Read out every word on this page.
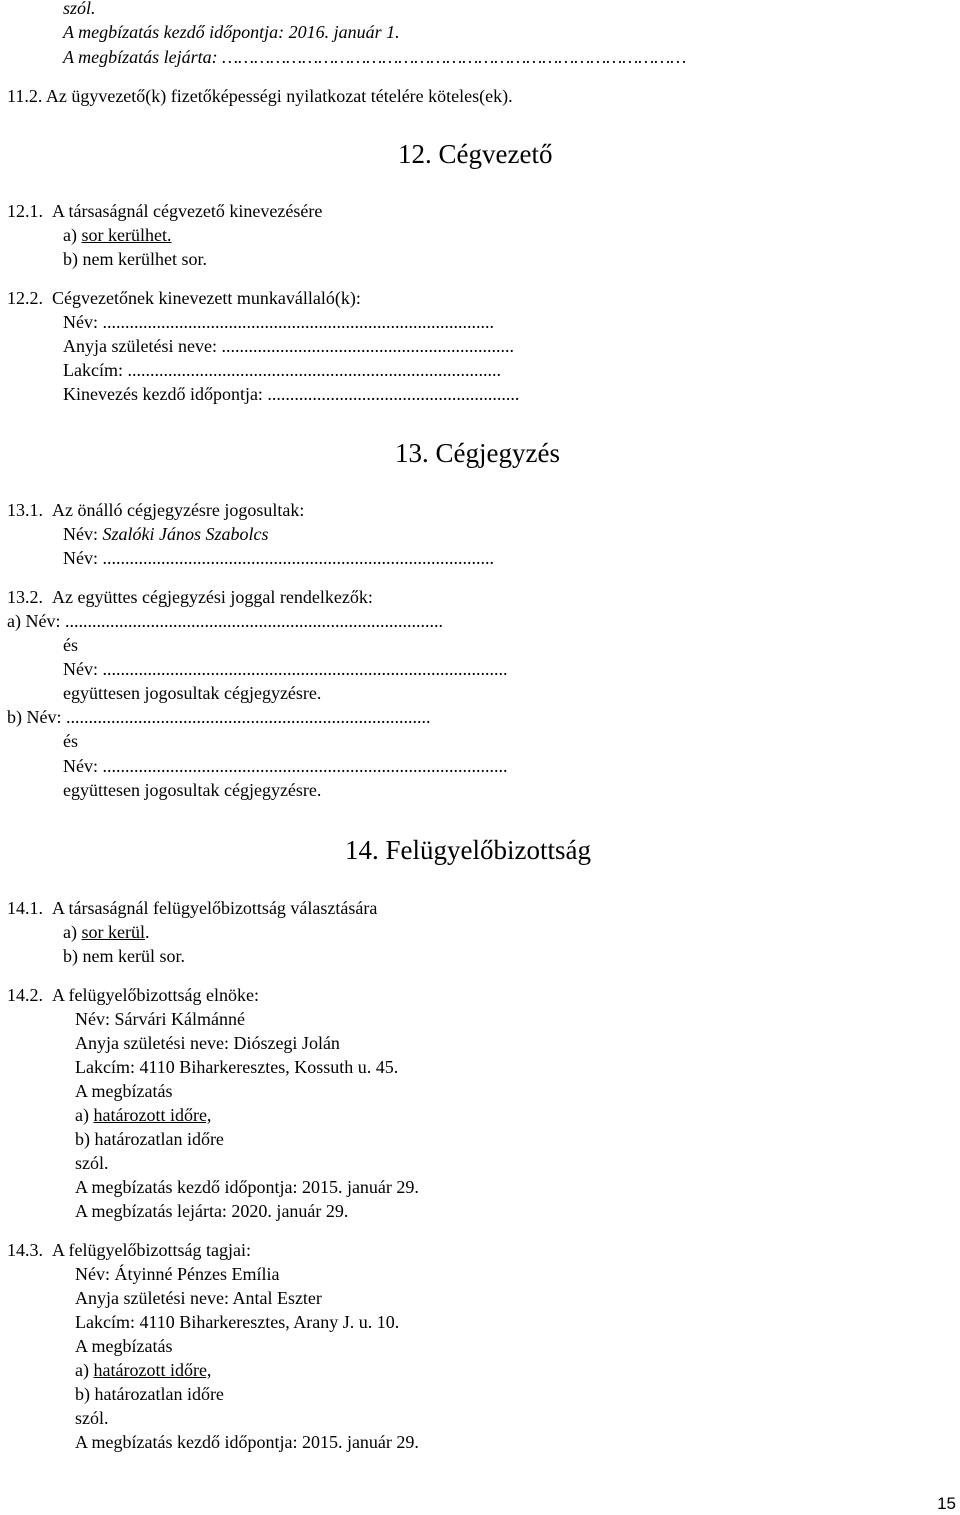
szól.
A megbízatás kezdő időpontja: 2016. január 1.
A megbízatás lejárta: ……………………………………………………………………………
11.2. Az ügyvezető(k) fizetőképességi nyilatkozat tételére köteles(ek).
12. Cégvezető
12.1. A társaságnál cégvezető kinevezésére
a) sor kerülhet.
b) nem kerülhet sor.
12.2. Cégvezetőnek kinevezett munkavállaló(k):
Név: .......................................................................................
Anyja születési neve: .................................................................
Lakcím: ...................................................................................
Kinevezés kezdő időpontja: ........................................................
13. Cégjegyzés
13.1. Az önálló cégjegyzésre jogosultak:
Név: Szalóki János Szabolcs
Név: .......................................................................................
13.2. Az együttes cégjegyzési joggal rendelkezők:
a) Név: ....................................................................................
és
Név: ..........................................................................................
együttesen jogosultak cégjegyzésre.
b) Név: .................................................................................
és
Név: ..........................................................................................
együttesen jogosultak cégjegyzésre.
14. Felügyelőbizottság
14.1. A társaságnál felügyelőbizottság választására
a) sor kerül.
b) nem kerül sor.
14.2. A felügyelőbizottság elnöke:
Név: Sárvári Kálmánné
Anyja születési neve: Diószegi Jolán
Lakcím: 4110 Biharkeresztes, Kossuth u. 45.
A megbízatás
a) határozott időre,
b) határozatlan időre
szól.
A megbízatás kezdő időpontja: 2015. január 29.
A megbízatás lejárta: 2020. január 29.
14.3. A felügyelőbizottság tagjai:
Név: Átyinné Pénzes Emília
Anyja születési neve: Antal Eszter
Lakcím: 4110 Biharkeresztes, Arany J. u. 10.
A megbízatás
a) határozott időre,
b) határozatlan időre
szól.
A megbízatás kezdő időpontja: 2015. január 29.
15
